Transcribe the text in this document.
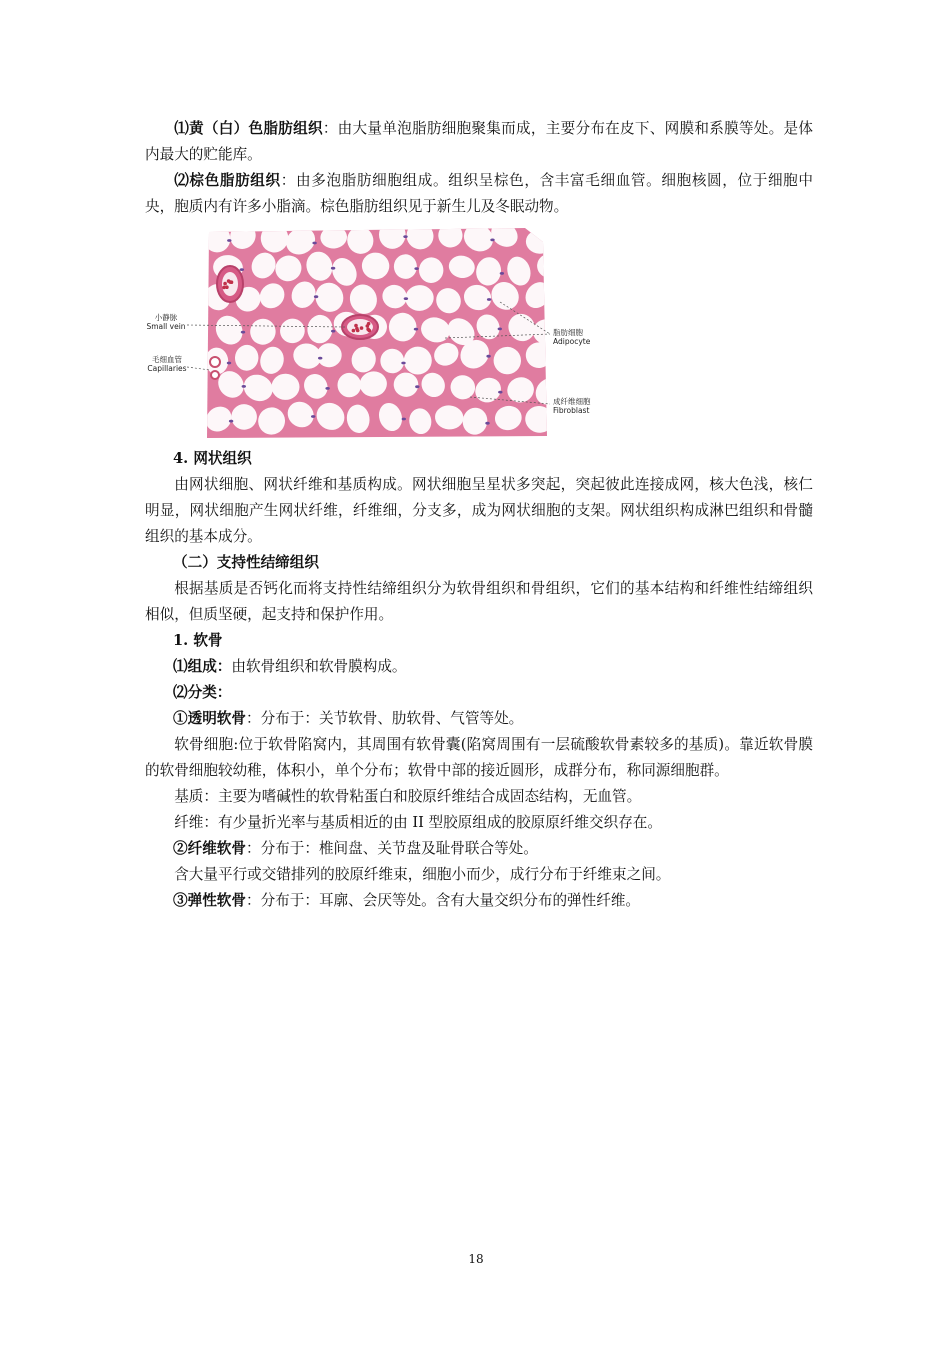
⑴黄（白）色脂肪组织：由大量单泡脂肪细胞聚集而成，主要分布在皮下、网膜和系膜等处。是体内最大的贮能库。

⑵棕色脂肪组织：由多泡脂肪细胞组成。组织呈棕色，含丰富毛细血管。细胞核圆，位于细胞中央，胞质内有许多小脂滴。棕色脂肪组织见于新生儿及冬眠动物。

小静脉
Small vein
毛细血管
Capillaries
脂肪细胞
Adipocyte
成纤维细胞
Fibroblast

4. 网状组织

由网状细胞、网状纤维和基质构成。网状细胞呈星状多突起，突起彼此连接成网，核大色浅，核仁明显，网状细胞产生网状纤维，纤维细，分支多，成为网状细胞的支架。网状组织构成淋巴组织和骨髓组织的基本成分。

（二）支持性结缔组织

根据基质是否钙化而将支持性结缔组织分为软骨组织和骨组织，它们的基本结构和纤维性结缔组织相似，但质坚硬，起支持和保护作用。

1. 软骨

⑴组成：由软骨组织和软骨膜构成。

⑵分类：

①透明软骨：分布于：关节软骨、肋软骨、气管等处。

软骨细胞:位于软骨陷窝内，其周围有软骨囊(陷窝周围有一层硫酸软骨素较多的基质)。靠近软骨膜的软骨细胞较幼稚，体积小，单个分布；软骨中部的接近圆形，成群分布，称同源细胞群。

基质：主要为嗜碱性的软骨粘蛋白和胶原纤维结合成固态结构，无血管。

纤维：有少量折光率与基质相近的由 II 型胶原组成的胶原原纤维交织存在。

②纤维软骨：分布于：椎间盘、关节盘及耻骨联合等处。

含大量平行或交错排列的胶原纤维束，细胞小而少，成行分布于纤维束之间。

③弹性软骨：分布于：耳廓、会厌等处。含有大量交织分布的弹性纤维。

18
